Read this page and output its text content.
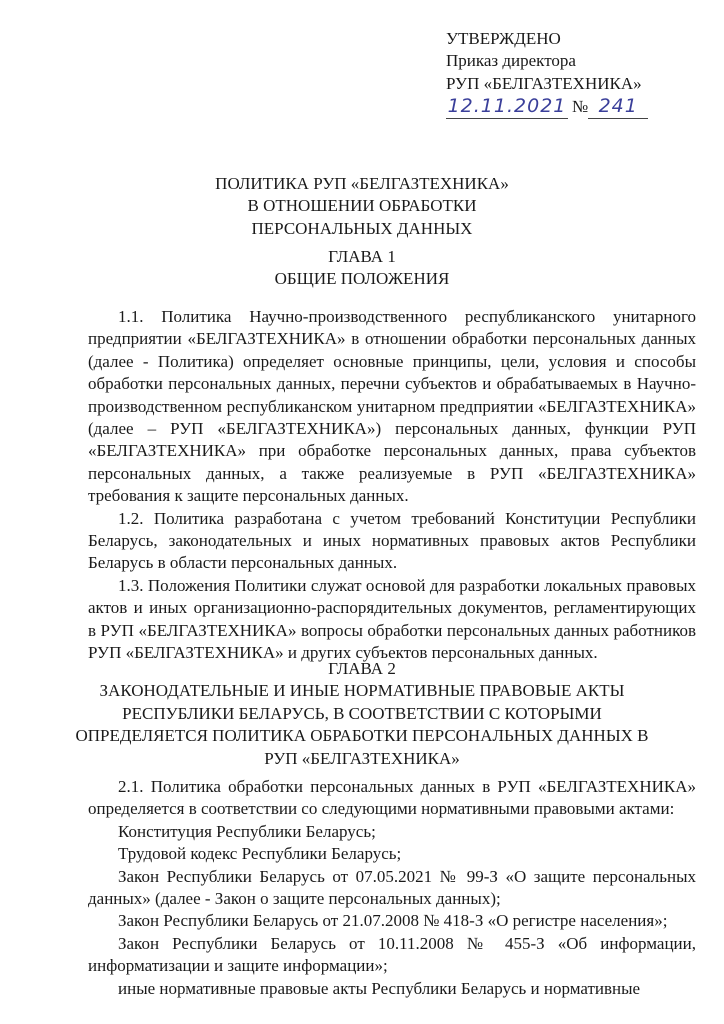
УТВЕРЖДЕНО
Приказ директора
РУП «БЕЛГАЗТЕХНИКА»
12.11.2021 № 241
ПОЛИТИКА РУП «БЕЛГАЗТЕХНИКА»
В ОТНОШЕНИИ ОБРАБОТКИ
ПЕРСОНАЛЬНЫХ ДАННЫХ
ГЛАВА 1
ОБЩИЕ ПОЛОЖЕНИЯ

1.1. Политика Научно-производственного республиканского унитарного предприятии «БЕЛГАЗТЕХНИКА» в отношении обработки персональных данных (далее - Политика) определяет основные принципы, цели, условия и способы обработки персональных данных, перечни субъектов и обрабатываемых в Научно-производственном республиканском унитарном предприятии «БЕЛГАЗТЕХНИКА» (далее – РУП «БЕЛГАЗТЕХНИКА») персональных данных, функции РУП «БЕЛГАЗТЕХНИКА» при обработке персональных данных, права субъектов персональных данных, а также реализуемые в РУП «БЕЛГАЗТЕХНИКА» требования к защите персональных данных.

1.2. Политика разработана с учетом требований Конституции Республики Беларусь, законодательных и иных нормативных правовых актов Республики Беларусь в области персональных данных.

1.3. Положения Политики служат основой для разработки локальных правовых актов и иных организационно-распорядительных документов, регламентирующих в РУП «БЕЛГАЗТЕХНИКА» вопросы обработки персональных данных работников РУП «БЕЛГАЗТЕХНИКА» и других субъектов персональных данных.

ГЛАВА 2
ЗАКОНОДАТЕЛЬНЫЕ И ИНЫЕ НОРМАТИВНЫЕ ПРАВОВЫЕ АКТЫ
РЕСПУБЛИКИ БЕЛАРУСЬ, В СООТВЕТСТВИИ С КОТОРЫМИ
ОПРЕДЕЛЯЕТСЯ ПОЛИТИКА ОБРАБОТКИ ПЕРСОНАЛЬНЫХ ДАННЫХ В
РУП «БЕЛГАЗТЕХНИКА»

2.1. Политика обработки персональных данных в РУП «БЕЛГАЗТЕХНИКА» определяется в соответствии со следующими нормативными правовыми актами:

Конституция Республики Беларусь;

Трудовой кодекс Республики Беларусь;

Закон Республики Беларусь от 07.05.2021 № 99-З «О защите персональных данных» (далее - Закон о защите персональных данных);

Закон Республики Беларусь от 21.07.2008 № 418-З «О регистре населения»;

Закон Республики Беларусь от 10.11.2008 № 455-З «Об информации, информатизации и защите информации»;

иные нормативные правовые акты Республики Беларусь и нормативные
